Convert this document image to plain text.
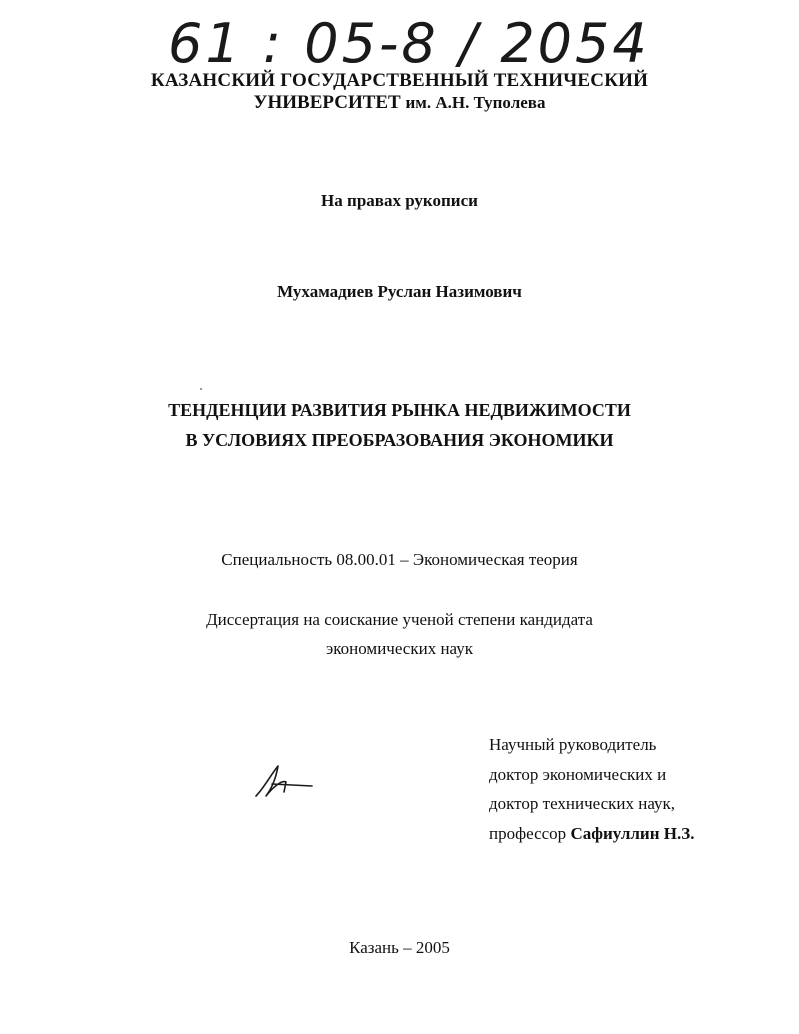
61 : 05-8 / 2054
КАЗАНСКИЙ ГОСУДАРСТВЕННЫЙ ТЕХНИЧЕСКИЙ
УНИВЕРСИТЕТ им. А.Н. Туполева
На правах рукописи
Мухамадиев Руслан Назимович
ТЕНДЕНЦИИ РАЗВИТИЯ РЫНКА НЕДВИЖИМОСТИ
В УСЛОВИЯХ ПРЕОБРАЗОВАНИЯ ЭКОНОМИКИ
Специальность 08.00.01 – Экономическая теория
Диссертация на соискание ученой степени кандидата
экономических наук
Научный руководитель
доктор экономических и
доктор технических наук,
профессор Сафиуллин Н.З.
Казань – 2005
